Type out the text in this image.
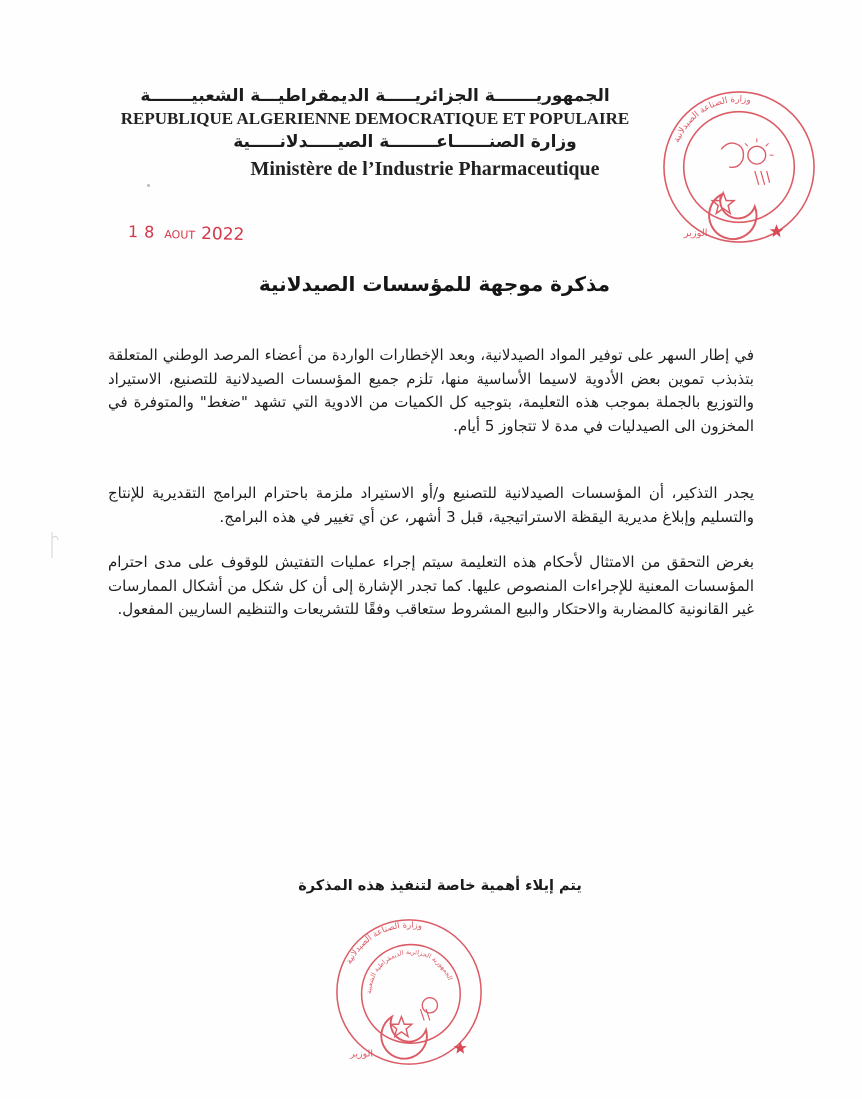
الجمهوريـــــــة الجزائريـــــة الديمقراطيـــة الشعبيـــــــة
REPUBLIQUE ALGERIENNE DEMOCRATIQUE ET POPULAIRE
وزارة الصنــــــاعــــــــة الصيـــــدلانـــــية
Ministère de l’Industrie Pharmaceutique
وزارة الصناعة الصيدلانية
الوزير
18 AOUT 2022
مذكرة موجهة للمؤسسات الصيدلانية

في إطار السهر على توفير المواد الصيدلانية، وبعد الإخطارات الواردة من أعضاء المرصد الوطني المتعلقة بتذبذب تموين بعض الأدوية لاسيما الأساسية منها، تلزم جميع المؤسسات الصيدلانية للتصنيع، الاستيراد والتوزيع بالجملة بموجب هذه التعليمة، بتوجيه كل الكميات من الادوية التي تشهد "ضغط" والمتوفرة في المخزون الى الصيدليات في مدة لا تتجاوز 5 أيام.

يجدر التذكير، أن المؤسسات الصيدلانية للتصنيع و/أو الاستيراد ملزمة باحترام البرامج التقديرية للإنتاج والتسليم وإبلاغ مديرية اليقظة الاستراتيجية، قبل 3 أشهر، عن أي تغيير في هذه البرامج.

بغرض التحقق من الامتثال لأحكام هذه التعليمة سيتم إجراء عمليات التفتيش للوقوف على مدى احترام المؤسسات المعنية للإجراءات المنصوص عليها. كما تجدر الإشارة إلى أن كل شكل من أشكال الممارسات غير القانونية كالمضاربة والاحتكار والبيع المشروط ستعاقب وفقًا للتشريعات والتنظيم الساريين المفعول.

يتم إيلاء أهمية خاصة لتنفيذ هذه المذكرة
وزارة الصناعة الصيدلانية
الجمهورية الجزائرية الديمقراطية الشعبية
الوزير
